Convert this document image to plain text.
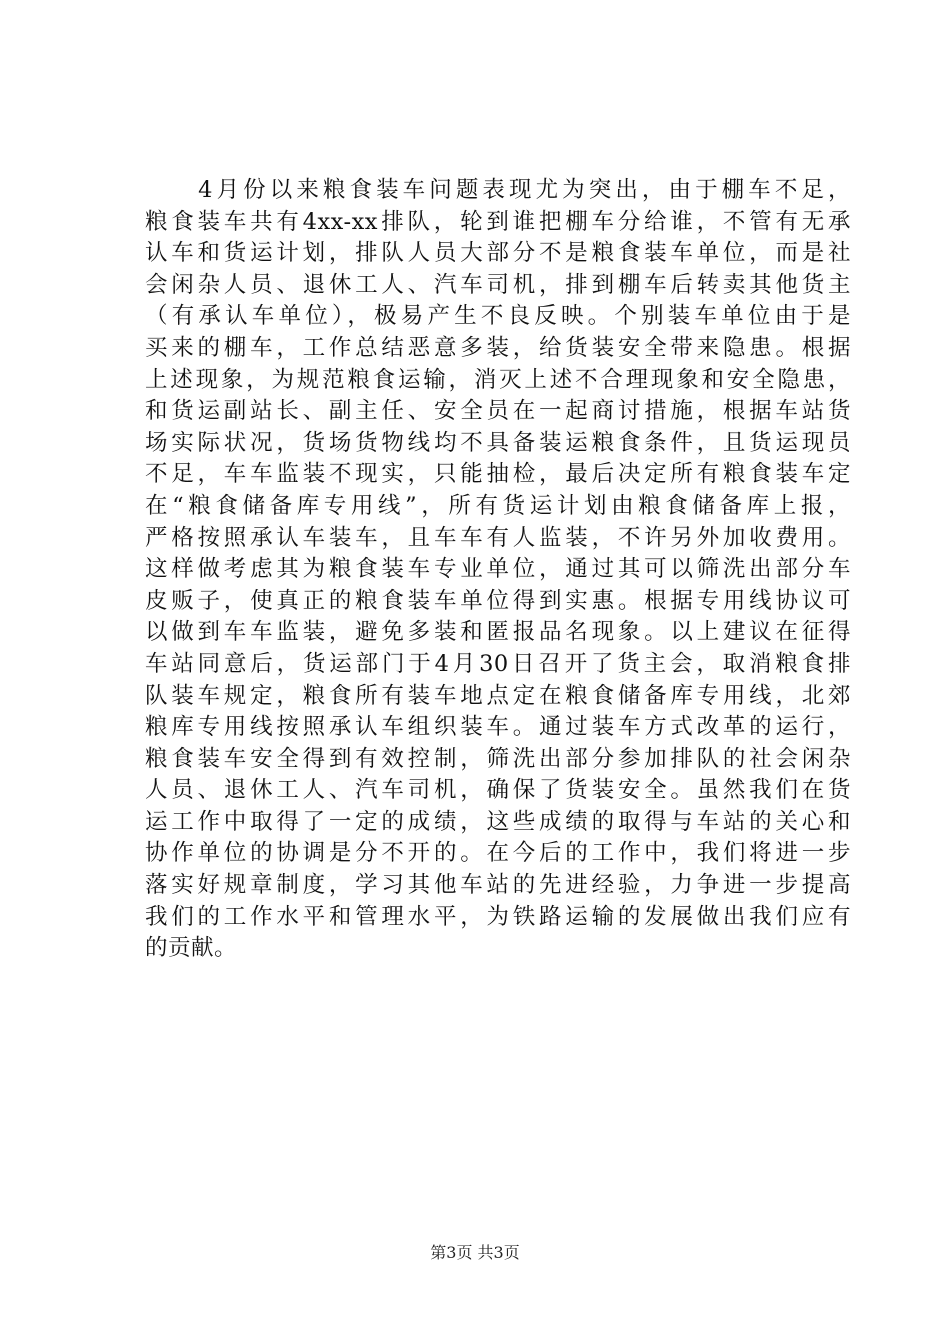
　　4月份以来粮食装车问题表现尤为突出，由于棚车不足，
粮食装车共有4xx-xx排队，轮到谁把棚车分给谁，不管有无承
认车和货运计划，排队人员大部分不是粮食装车单位，而是社
会闲杂人员、退休工人、汽车司机，排到棚车后转卖其他货主
（有承认车单位），极易产生不良反映。个别装车单位由于是
买来的棚车，工作总结恶意多装，给货装安全带来隐患。根据
上述现象，为规范粮食运输，消灭上述不合理现象和安全隐患，
和货运副站长、副主任、安全员在一起商讨措施，根据车站货
场实际状况，货场货物线均不具备装运粮食条件，且货运现员
不足，车车监装不现实，只能抽检，最后决定所有粮食装车定
在“粮食储备库专用线”，所有货运计划由粮食储备库上报，
严格按照承认车装车，且车车有人监装，不许另外加收费用。
这样做考虑其为粮食装车专业单位，通过其可以筛洗出部分车
皮贩子，使真正的粮食装车单位得到实惠。根据专用线协议可
以做到车车监装，避免多装和匿报品名现象。以上建议在征得
车站同意后，货运部门于4月30日召开了货主会，取消粮食排
队装车规定，粮食所有装车地点定在粮食储备库专用线，北郊
粮库专用线按照承认车组织装车。通过装车方式改革的运行，
粮食装车安全得到有效控制，筛洗出部分参加排队的社会闲杂
人员、退休工人、汽车司机，确保了货装安全。虽然我们在货
运工作中取得了一定的成绩，这些成绩的取得与车站的关心和
协作单位的协调是分不开的。在今后的工作中，我们将进一步
落实好规章制度，学习其他车站的先进经验，力争进一步提高
我们的工作水平和管理水平，为铁路运输的发展做出我们应有
的贡献。
第3页 共3页
